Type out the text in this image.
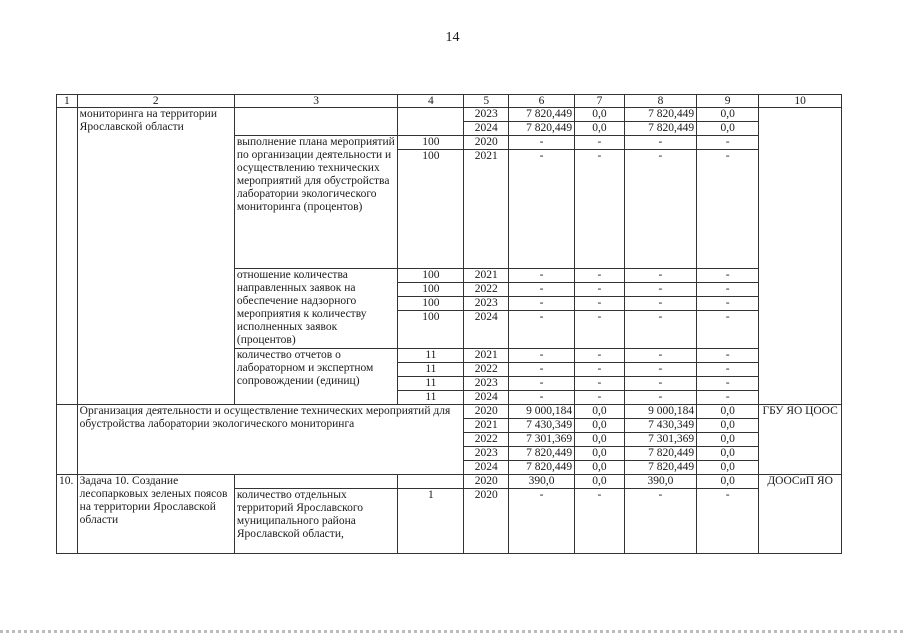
14
1	2	3	4	5	6	7	8	9	10
	мониторинга на территории Ярославской области			2023	7 820,449	0,0	7 820,449	0,0	
				2024	7 820,449	0,0	7 820,449	0,0	
		выполнение плана мероприятий по организации деятельности и осуществлению технических мероприятий для обустройства лаборатории экологического мониторинга (процентов)	100	2020	-	-	-	-	
			100	2021	-	-	-	-	
		отношение количества направленных заявок на обеспечение надзорного мероприятия к количеству исполненных заявок (процентов)	100	2021	-	-	-	-	
			100	2022	-	-	-	-	
			100	2023	-	-	-	-	
			100	2024	-	-	-	-	
		количество отчетов о лабораторном и экспертном сопровождении (единиц)	11	2021	-	-	-	-	
			11	2022	-	-	-	-	
			11	2023	-	-	-	-	
			11	2024	-	-	-	-	
	Организация деятельности и осуществление технических мероприятий для обустройства лаборатории экологического мониторинга			2020	9 000,184	0,0	9 000,184	0,0	ГБУ ЯО ЦООС
				2021	7 430,349	0,0	7 430,349	0,0	
				2022	7 301,369	0,0	7 301,369	0,0	
				2023	7 820,449	0,0	7 820,449	0,0	
				2024	7 820,449	0,0	7 820,449	0,0	
10.	Задача 10. Создание лесопарковых зеленых поясов на территории Ярославской области			2020	390,0	0,0	390,0	0,0	ДООСиП ЯО
		количество отдельных территорий Ярославского муниципального района Ярославской области,	1	2020	-	-	-	-	
